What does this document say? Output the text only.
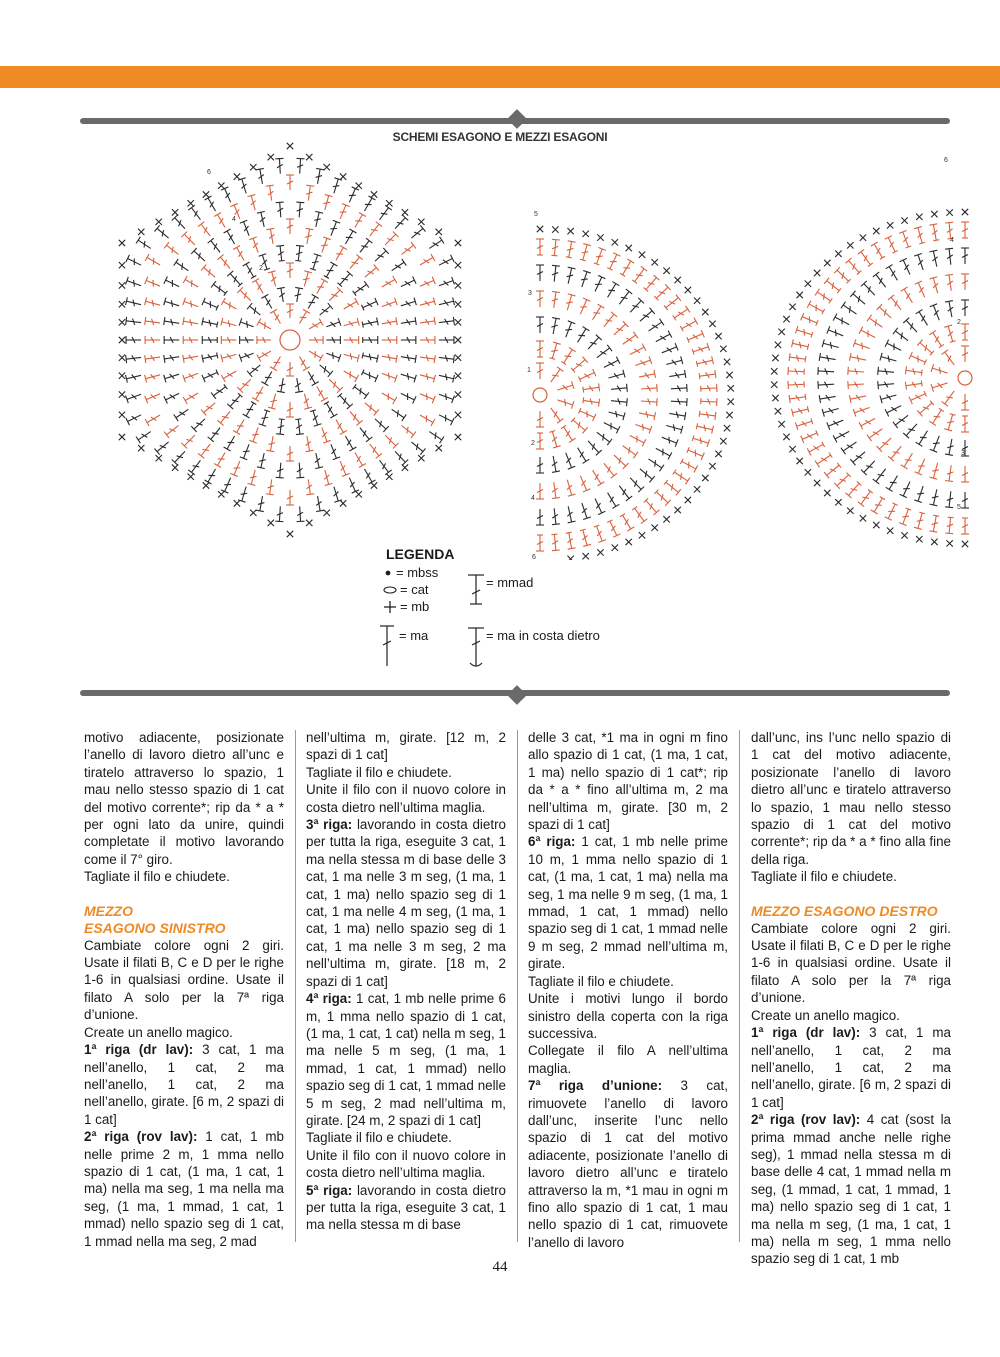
SCHEMI ESAGONO E MEZZI ESAGONI
2
4
6
1
2
3
4
5
6
2
3
4
5
6
LEGENDA
= mbss
= cat
= mb
= mmad
= ma	= ma in costa dietro

motivo adiacente, posizionate l’anello di lavoro dietro all’unc e tiratelo attraverso lo spazio, 1 mau nello stesso spazio di 1 cat del motivo corrente*; rip da * a * per ogni lato da unire, quindi completate il motivo lavorando come il 7° giro.

Tagliate il filo e chiudete.

MEZZO

ESAGONO SINISTRO

Cambiate colore ogni 2 giri. Usate il filati B, C e D per le righe 1-6 in qualsiasi ordine. Usate il filato A solo per la 7ª riga d’unione.

Create un anello magico.

1ª riga (dr lav): 3 cat, 1 ma nell’anello, 1 cat, 2 ma nell’anello, 1 cat, 2 ma nell’anello, girate. [6 m, 2 spazi di 1 cat]

2ª riga (rov lav): 1 cat, 1 mb nelle prime 2 m, 1 mma nello spazio di 1 cat, (1 ma, 1 cat, 1 ma) nella ma seg, 1 ma nella ma seg, (1 ma, 1 mmad, 1 cat, 1 mmad) nello spazio seg di 1 cat, 1 mmad nella ma seg, 2 mad

nell’ultima m, girate. [12 m, 2 spazi di 1 cat]

Tagliate il filo e chiudete.

Unite il filo con il nuovo colore in costa dietro nell’ultima maglia.

3ª riga: lavorando in costa dietro per tutta la riga, eseguite 3 cat, 1 ma nella stessa m di base delle 3 cat, 1 ma nelle 3 m seg, (1 ma, 1 cat, 1 ma) nello spazio seg di 1 cat, 1 ma nelle 4 m seg, (1 ma, 1 cat, 1 ma) nello spazio seg di 1 cat, 1 ma nelle 3 m seg, 2 ma nell’ultima m, girate. [18 m, 2 spazi di 1 cat]

4ª riga: 1 cat, 1 mb nelle prime 6 m, 1 mma nello spazio di 1 cat, (1 ma, 1 cat, 1 cat) nella m seg, 1 ma nelle 5 m seg, (1 ma, 1 mmad, 1 cat, 1 mmad) nello spazio seg di 1 cat, 1 mmad nelle 5 m seg, 2 mad nell’ultima m, girate. [24 m, 2 spazi di 1 cat]

Tagliate il filo e chiudete.

Unite il filo con il nuovo colore in costa dietro nell’ultima maglia.

5ª riga: lavorando in costa dietro per tutta la riga, eseguite 3 cat, 1 ma nella stessa m di base

delle 3 cat, *1 ma in ogni m fino allo spazio di 1 cat, (1 ma, 1 cat, 1 ma) nello spazio di 1 cat*; rip da * a * fino all’ultima m, 2 ma nell’ultima m, girate. [30 m, 2 spazi di 1 cat]

6ª riga: 1 cat, 1 mb nelle prime 10 m, 1 mma nello spazio di 1 cat, (1 ma, 1 cat, 1 ma) nella ma seg, 1 ma nelle 9 m seg, (1 ma, 1 mmad, 1 cat, 1 mmad) nello spazio seg di 1 cat, 1 mmad nelle 9 m seg, 2 mmad nell’ultima m, girate.

Tagliate il filo e chiudete.

Unite i motivi lungo il bordo sinistro della coperta con la riga successiva.

Collegate il filo A nell’ultima maglia.

7ª riga d’unione: 3 cat, rimuovete l’anello di lavoro dall’unc, inserite l’unc nello spazio di 1 cat del motivo adiacente, posizionate l’anello di lavoro dietro all’unc e tiratelo attraverso la m, *1 mau in ogni m fino allo spazio di 1 cat, 1 mau nello spazio di 1 cat, rimuovete l’anello di lavoro

dall’unc, ins l’unc nello spazio di 1 cat del motivo adiacente, posizionate l’anello di lavoro dietro all’unc e tiratelo attraverso lo spazio, 1 mau nello stesso spazio di 1 cat del motivo corrente*; rip da * a * fino alla fine della riga.

Tagliate il filo e chiudete.

MEZZO ESAGONO DESTRO

Cambiate colore ogni 2 giri. Usate il filati B, C e D per le righe 1-6 in qualsiasi ordine. Usate il filato A solo per la 7ª riga d’unione.

Create un anello magico.

1ª riga (dr lav): 3 cat, 1 ma nell’anello, 1 cat, 2 ma nell’anello, 1 cat, 2 ma nell’anello, girate. [6 m, 2 spazi di 1 cat]

2ª riga (rov lav): 4 cat (sost la prima mmad anche nelle righe seg), 1 mmad nella stessa m di base delle 4 cat, 1 mmad nella m seg, (1 mmad, 1 cat, 1 mmad, 1 ma) nello spazio seg di 1 cat, 1 ma nella m seg, (1 ma, 1 cat, 1 ma) nella m seg, 1 mma nello spazio seg di 1 cat, 1 mb

44
